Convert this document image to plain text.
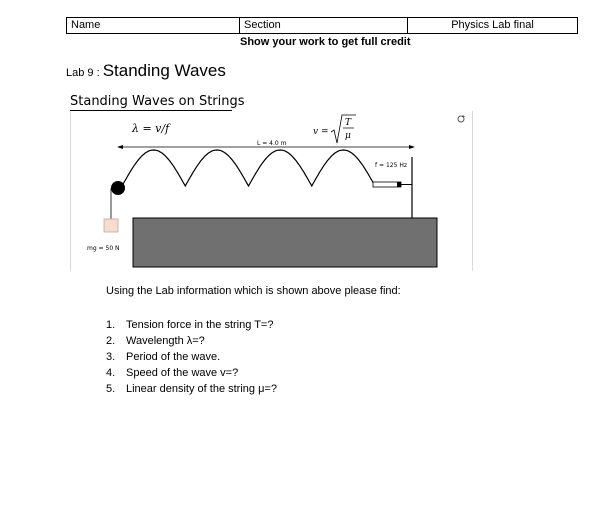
Name	Section	Physics Lab final
Show your work to get full credit
Lab 9 : Standing Waves
Standing Waves on Strings
λ = v/f	v =
T
μ
L = 4.0 m
f = 125 Hz
mg = 50 N
Using the Lab information which is shown above please find:
1. Tension force in the string T=?
2. Wavelength λ=?
3. Period of the wave.
4. Speed of the wave v=?
5. Linear density of the string μ=?
